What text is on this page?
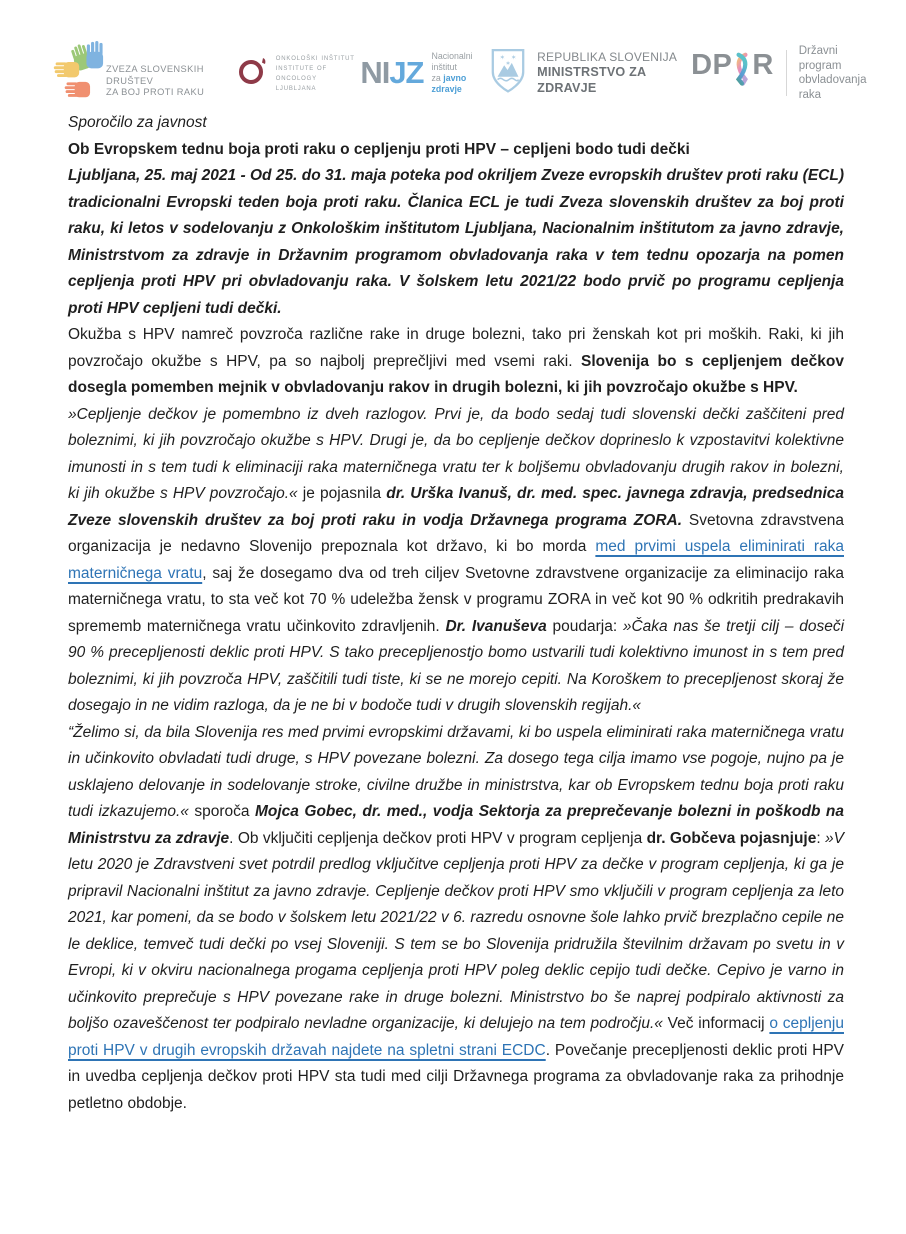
ZVEZA SLOVENSKIH DRUŠTEV
ZA BOJ PROTI RAKU
onkološki inštitut
institute of oncology
ljubljana	NIJZ Nacionalni inštitut
za javno zdravje
✶ ✶
✶ REPUBLIKA SLOVENIJA
MINISTRSTVO ZA ZDRAVJE
DP R Državni program
obvladovanja raka

Sporočilo za javnost

Ob Evropskem tednu boja proti raku o cepljenju proti HPV – cepljeni bodo tudi dečki

Ljubljana, 25. maj 2021 - Od 25. do 31. maja poteka pod okriljem Zveze evropskih društev proti raku (ECL) tradicionalni Evropski teden boja proti raku. Članica ECL je tudi Zveza slovenskih društev za boj proti raku, ki letos v sodelovanju z Onkološkim inštitutom Ljubljana, Nacionalnim inštitutom za javno zdravje, Ministrstvom za zdravje in Državnim programom obvladovanja raka v tem tednu opozarja na pomen cepljenja proti HPV pri obvladovanju raka. V šolskem letu 2021/22 bodo prvič po programu cepljenja proti HPV cepljeni tudi dečki.

Okužba s HPV namreč povzroča različne rake in druge bolezni, tako pri ženskah kot pri moških. Raki, ki jih povzročajo okužbe s HPV, pa so najbolj preprečljivi med vsemi raki. Slovenija bo s cepljenjem dečkov dosegla pomemben mejnik v obvladovanju rakov in drugih bolezni, ki jih povzročajo okužbe s HPV.

»Cepljenje dečkov je pomembno iz dveh razlogov. Prvi je, da bodo sedaj tudi slovenski dečki zaščiteni pred boleznimi, ki jih povzročajo okužbe s HPV. Drugi je, da bo cepljenje dečkov doprineslo k vzpostavitvi kolektivne imunosti in s tem tudi k eliminaciji raka materničnega vratu ter k boljšemu obvladovanju drugih rakov in bolezni, ki jih okužbe s HPV povzročajo.« je pojasnila dr. Urška Ivanuš, dr. med. spec. javnega zdravja, predsednica Zveze slovenskih društev za boj proti raku in vodja Državnega programa ZORA. Svetovna zdravstvena organizacija je nedavno Slovenijo prepoznala kot državo, ki bo morda med prvimi uspela eliminirati raka materničnega vratu, saj že dosegamo dva od treh ciljev Svetovne zdravstvene organizacije za eliminacijo raka materničnega vratu, to sta več kot 70 % udeležba žensk v programu ZORA in več kot 90 % odkritih predrakavih sprememb materničnega vratu učinkovito zdravljenih. Dr. Ivanuševa poudarja: »Čaka nas še tretji cilj – doseči 90 % precepljenosti deklic proti HPV. S tako precepljenostjo bomo ustvarili tudi kolektivno imunost in s tem pred boleznimi, ki jih povzroča HPV, zaščitili tudi tiste, ki se ne morejo cepiti. Na Koroškem to precepljenost skoraj že dosegajo in ne vidim razloga, da je ne bi v bodoče tudi v drugih slovenskih regijah.«

“Želimo si, da bila Slovenija res med prvimi evropskimi državami, ki bo uspela eliminirati raka materničnega vratu in učinkovito obvladati tudi druge, s HPV povezane bolezni. Za dosego tega cilja imamo vse pogoje, nujno pa je usklajeno delovanje in sodelovanje stroke, civilne družbe in ministrstva, kar ob Evropskem tednu boja proti raku tudi izkazujemo.« sporoča Mojca Gobec, dr. med., vodja Sektorja za preprečevanje bolezni in poškodb na Ministrstvu za zdravje. Ob vključiti cepljenja dečkov proti HPV v program cepljenja dr. Gobčeva pojasnjuje: »V letu 2020 je Zdravstveni svet potrdil predlog vključitve cepljenja proti HPV za dečke v program cepljenja, ki ga je pripravil Nacionalni inštitut za javno zdravje. Cepljenje dečkov proti HPV smo vključili v program cepljenja za leto 2021, kar pomeni, da se bodo v šolskem letu 2021/22 v 6. razredu osnovne šole lahko prvič brezplačno cepile ne le deklice, temveč tudi dečki po vsej Sloveniji. S tem se bo Slovenija pridružila številnim državam po svetu in v Evropi, ki v okviru nacionalnega progama cepljenja proti HPV poleg deklic cepijo tudi dečke. Cepivo je varno in učinkovito preprečuje s HPV povezane rake in druge bolezni. Ministrstvo bo še naprej podpiralo aktivnosti za boljšo ozaveščenost ter podpiralo nevladne organizacije, ki delujejo na tem področju.« Več informacij o cepljenju proti HPV v drugih evropskih državah najdete na spletni strani ECDC. Povečanje precepljenosti deklic proti HPV in uvedba cepljenja dečkov proti HPV sta tudi med cilji Državnega programa za obvladovanje raka za prihodnje petletno obdobje.
